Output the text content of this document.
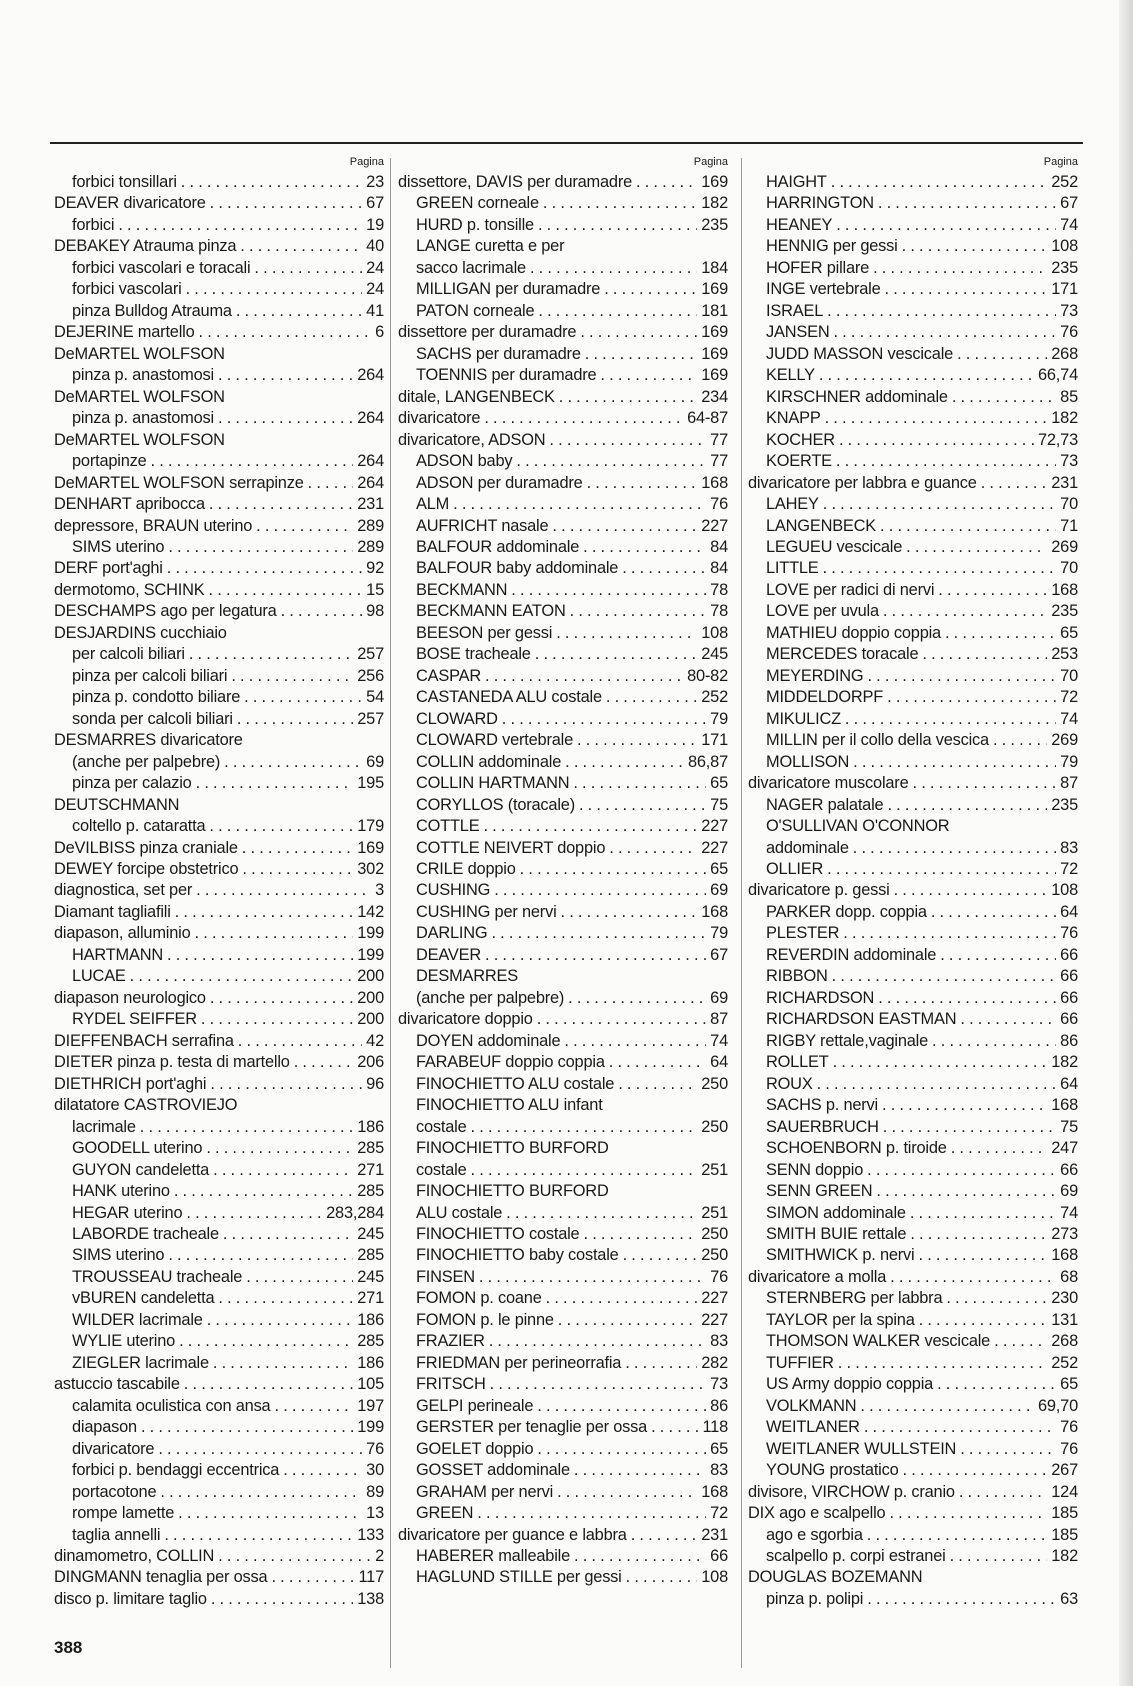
Pagina
forbici tonsillari . . .	23
DEAVER divaricatore . . .	67
forbici . . .	19
DEBAKEY Atrauma pinza . . .	40
forbici vascolari e toracali . . .	24
forbici vascolari . . .	24
pinza Bulldog Atrauma . . .	41
DEJERINE martello . . .	6
DeMARTEL WOLFSON
pinza p. anastomosi . . .	264
DeMARTEL WOLFSON
pinza p. anastomosi . . .	264
DeMARTEL WOLFSON
portapinze . . .	264
DeMARTEL WOLFSON serrapinze . . .	264
DENHART apribocca . . .	231
depressore, BRAUN uterino . . .	289
SIMS uterino . . .	289
DERF port'aghi . . .	92
dermotomo, SCHINK . . .	15
DESCHAMPS ago per legatura . . .	98
DESJARDINS cucchiaio
per calcoli biliari . . .	257
pinza per calcoli biliari . . .	256
pinza p. condotto biliare . . .	54
sonda per calcoli biliari . . .	257
DESMARRES divaricatore
(anche per palpebre) . . .	69
pinza per calazio . . .	195
DEUTSCHMANN
coltello p. cataratta . . .	179
DeVILBISS pinza craniale . . .	169
DEWEY forcipe obstetrico . . .	302
diagnostica, set per . . .	3
Diamant tagliafili . . .	142
diapason, alluminio . . .	199
HARTMANN . . .	199
LUCAE . . .	200
diapason neurologico . . .	200
RYDEL SEIFFER . . .	200
DIEFFENBACH serrafina . . .	42
DIETER pinza p. testa di martello . . .	206
DIETHRICH port'aghi . . .	96
dilatatore CASTROVIEJO
lacrimale . . .	186
GOODELL uterino . . .	285
GUYON candeletta . . .	271
HANK uterino . . .	285
HEGAR uterino . . .	283,284
LABORDE tracheale . . .	245
SIMS uterino . . .	285
TROUSSEAU tracheale . . .	245
vBUREN candeletta . . .	271
WILDER lacrimale . . .	186
WYLIE uterino . . .	285
ZIEGLER lacrimale . . .	186
astuccio tascabile . . .	105
calamita oculistica con ansa . . .	197
diapason . . .	199
divaricatore . . .	76
forbici p. bendaggi eccentrica . . .	30
portacotone . . .	89
rompe lamette . . .	13
taglia annelli . . .	133
dinamometro, COLLIN . . .	2
DINGMANN tenaglia per ossa . . .	117
disco p. limitare taglio . . .	138
Pagina
dissettore, DAVIS per duramadre . . .	169
GREEN corneale . . .	182
HURD p. tonsille . . .	235
LANGE curetta e per
sacco lacrimale . . .	184
MILLIGAN per duramadre . . .	169
PATON corneale . . .	181
dissettore per duramadre . . .	169
SACHS per duramadre . . .	169
TOENNIS per duramadre . . .	169
ditale, LANGENBECK . . .	234
divaricatore . . .	64-87
divaricatore, ADSON . . .	77
ADSON baby . . .	77
ADSON per duramadre . . .	168
ALM . . .	76
AUFRICHT nasale . . .	227
BALFOUR addominale . . .	84
BALFOUR baby addominale . . .	84
BECKMANN . . .	78
BECKMANN EATON . . .	78
BEESON per gessi . . .	108
BOSE tracheale . . .	245
CASPAR . . .	80-82
CASTANEDA ALU costale . . .	252
CLOWARD . . .	79
CLOWARD vertebrale . . .	171
COLLIN addominale . . .	86,87
COLLIN HARTMANN . . .	65
CORYLLOS (toracale) . . .	75
COTTLE . . .	227
COTTLE NEIVERT doppio . . .	227
CRILE doppio . . .	65
CUSHING . . .	69
CUSHING per nervi . . .	168
DARLING . . .	79
DEAVER . . .	67
DESMARRES
(anche per palpebre) . . .	69
divaricatore doppio . . .	87
DOYEN addominale . . .	74
FARABEUF doppio coppia . . .	64
FINOCHIETTO ALU costale . . .	250
FINOCHIETTO ALU infant
costale . . .	250
FINOCHIETTO BURFORD
costale . . .	251
FINOCHIETTO BURFORD
ALU costale . . .	251
FINOCHIETTO costale . . .	250
FINOCHIETTO baby costale . . .	250
FINSEN . . .	76
FOMON p. coane . . .	227
FOMON p. le pinne . . .	227
FRAZIER . . .	83
FRIEDMAN per perineorrafia . . .	282
FRITSCH . . .	73
GELPI perineale . . .	86
GERSTER per tenaglie per ossa . . .	118
GOELET doppio . . .	65
GOSSET addominale . . .	83
GRAHAM per nervi . . .	168
GREEN . . .	72
divaricatore per guance e labbra . . .	231
HABERER malleabile . . .	66
HAGLUND STILLE per gessi . . .	108
Pagina
HAIGHT . . .	252
HARRINGTON . . .	67
HEANEY . . .	74
HENNIG per gessi . . .	108
HOFER pillare . . .	235
INGE vertebrale . . .	171
ISRAEL . . .	73
JANSEN . . .	76
JUDD MASSON vescicale . . .	268
KELLY . . .	66,74
KIRSCHNER addominale . . .	85
KNAPP . . .	182
KOCHER . . .	72,73
KOERTE . . .	73
divaricatore per labbra e guance . . .	231
LAHEY . . .	70
LANGENBECK . . .	71
LEGUEU vescicale . . .	269
LITTLE . . .	70
LOVE per radici di nervi . . .	168
LOVE per uvula . . .	235
MATHIEU doppio coppia . . .	65
MERCEDES toracale . . .	253
MEYERDING . . .	70
MIDDELDORPF . . .	72
MIKULICZ . . .	74
MILLIN per il collo della vescica . . .	269
MOLLISON . . .	79
divaricatore muscolare . . .	87
NAGER palatale . . .	235
O'SULLIVAN O'CONNOR
addominale . . .	83
OLLIER . . .	72
divaricatore p. gessi . . .	108
PARKER dopp. coppia . . .	64
PLESTER . . .	76
REVERDIN addominale . . .	66
RIBBON . . .	66
RICHARDSON . . .	66
RICHARDSON EASTMAN . . .	66
RIGBY rettale,vaginale . . .	86
ROLLET . . .	182
ROUX . . .	64
SACHS p. nervi . . .	168
SAUERBRUCH . . .	75
SCHOENBORN p. tiroide . . .	247
SENN doppio . . .	66
SENN GREEN . . .	69
SIMON addominale . . .	74
SMITH BUIE rettale . . .	273
SMITHWICK p. nervi . . .	168
divaricatore a molla . . .	68
STERNBERG per labbra . . .	230
TAYLOR per la spina . . .	131
THOMSON WALKER vescicale . . .	268
TUFFIER . . .	252
US Army doppio coppia . . .	65
VOLKMANN . . .	69,70
WEITLANER . . .	76
WEITLANER WULLSTEIN . . .	76
YOUNG prostatico . . .	267
divisore, VIRCHOW p. cranio . . .	124
DIX ago e scalpello . . .	185
ago e sgorbia . . .	185
scalpello p. corpi estranei . . .	182
DOUGLAS BOZEMANN
pinza p. polipi . . .	63
388
